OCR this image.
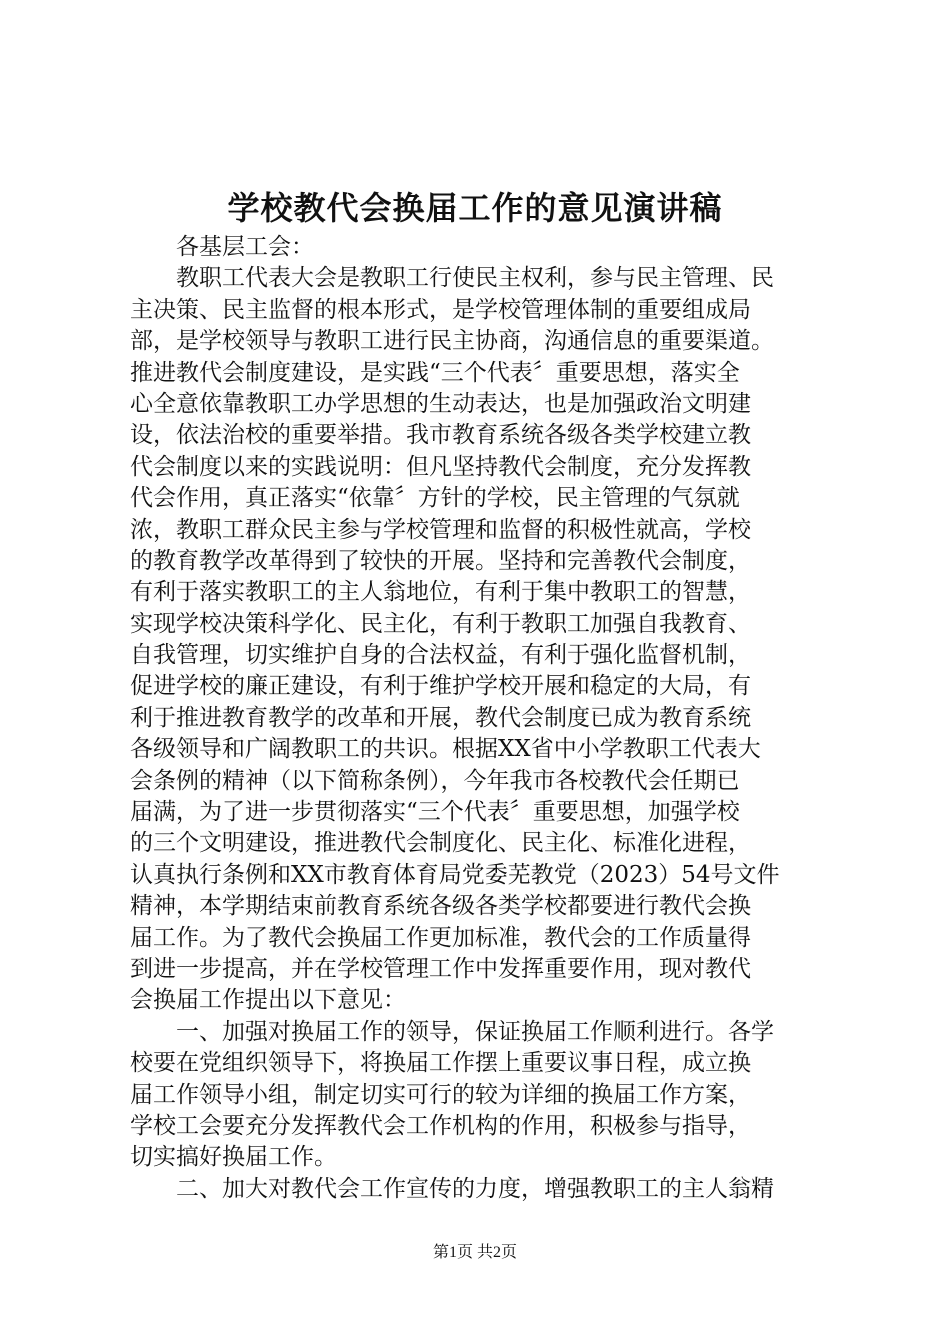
学校教代会换届工作的意见演讲稿
　　各基层工会：
　　教职工代表大会是教职工行使民主权利，参与民主管理、民
主决策、民主监督的根本形式，是学校管理体制的重要组成局
部，是学校领导与教职工进行民主协商，沟通信息的重要渠道。
推进教代会制度建设，是实践“三个代表〞重要思想，落实全
心全意依靠教职工办学思想的生动表达，也是加强政治文明建
设，依法治校的重要举措。我市教育系统各级各类学校建立教
代会制度以来的实践说明：但凡坚持教代会制度，充分发挥教
代会作用，真正落实“依靠〞方针的学校，民主管理的气氛就
浓，教职工群众民主参与学校管理和监督的积极性就高，学校
的教育教学改革得到了较快的开展。坚持和完善教代会制度，
有利于落实教职工的主人翁地位，有利于集中教职工的智慧，
实现学校决策科学化、民主化，有利于教职工加强自我教育、
自我管理，切实维护自身的合法权益，有利于强化监督机制，
促进学校的廉正建设，有利于维护学校开展和稳定的大局，有
利于推进教育教学的改革和开展，教代会制度已成为教育系统
各级领导和广阔教职工的共识。根据XX省中小学教职工代表大
会条例的精神（以下简称条例），今年我市各校教代会任期已
届满，为了进一步贯彻落实“三个代表〞重要思想，加强学校
的三个文明建设，推进教代会制度化、民主化、标准化进程，
认真执行条例和XX市教育体育局党委芜教党（2023）54号文件
精神，本学期结束前教育系统各级各类学校都要进行教代会换
届工作。为了教代会换届工作更加标准，教代会的工作质量得
到进一步提高，并在学校管理工作中发挥重要作用，现对教代
会换届工作提出以下意见：
　　一、加强对换届工作的领导，保证换届工作顺利进行。各学
校要在党组织领导下，将换届工作摆上重要议事日程，成立换
届工作领导小组，制定切实可行的较为详细的换届工作方案，
学校工会要充分发挥教代会工作机构的作用，积极参与指导，
切实搞好换届工作。
　　二、加大对教代会工作宣传的力度，增强教职工的主人翁精
第1页 共2页
